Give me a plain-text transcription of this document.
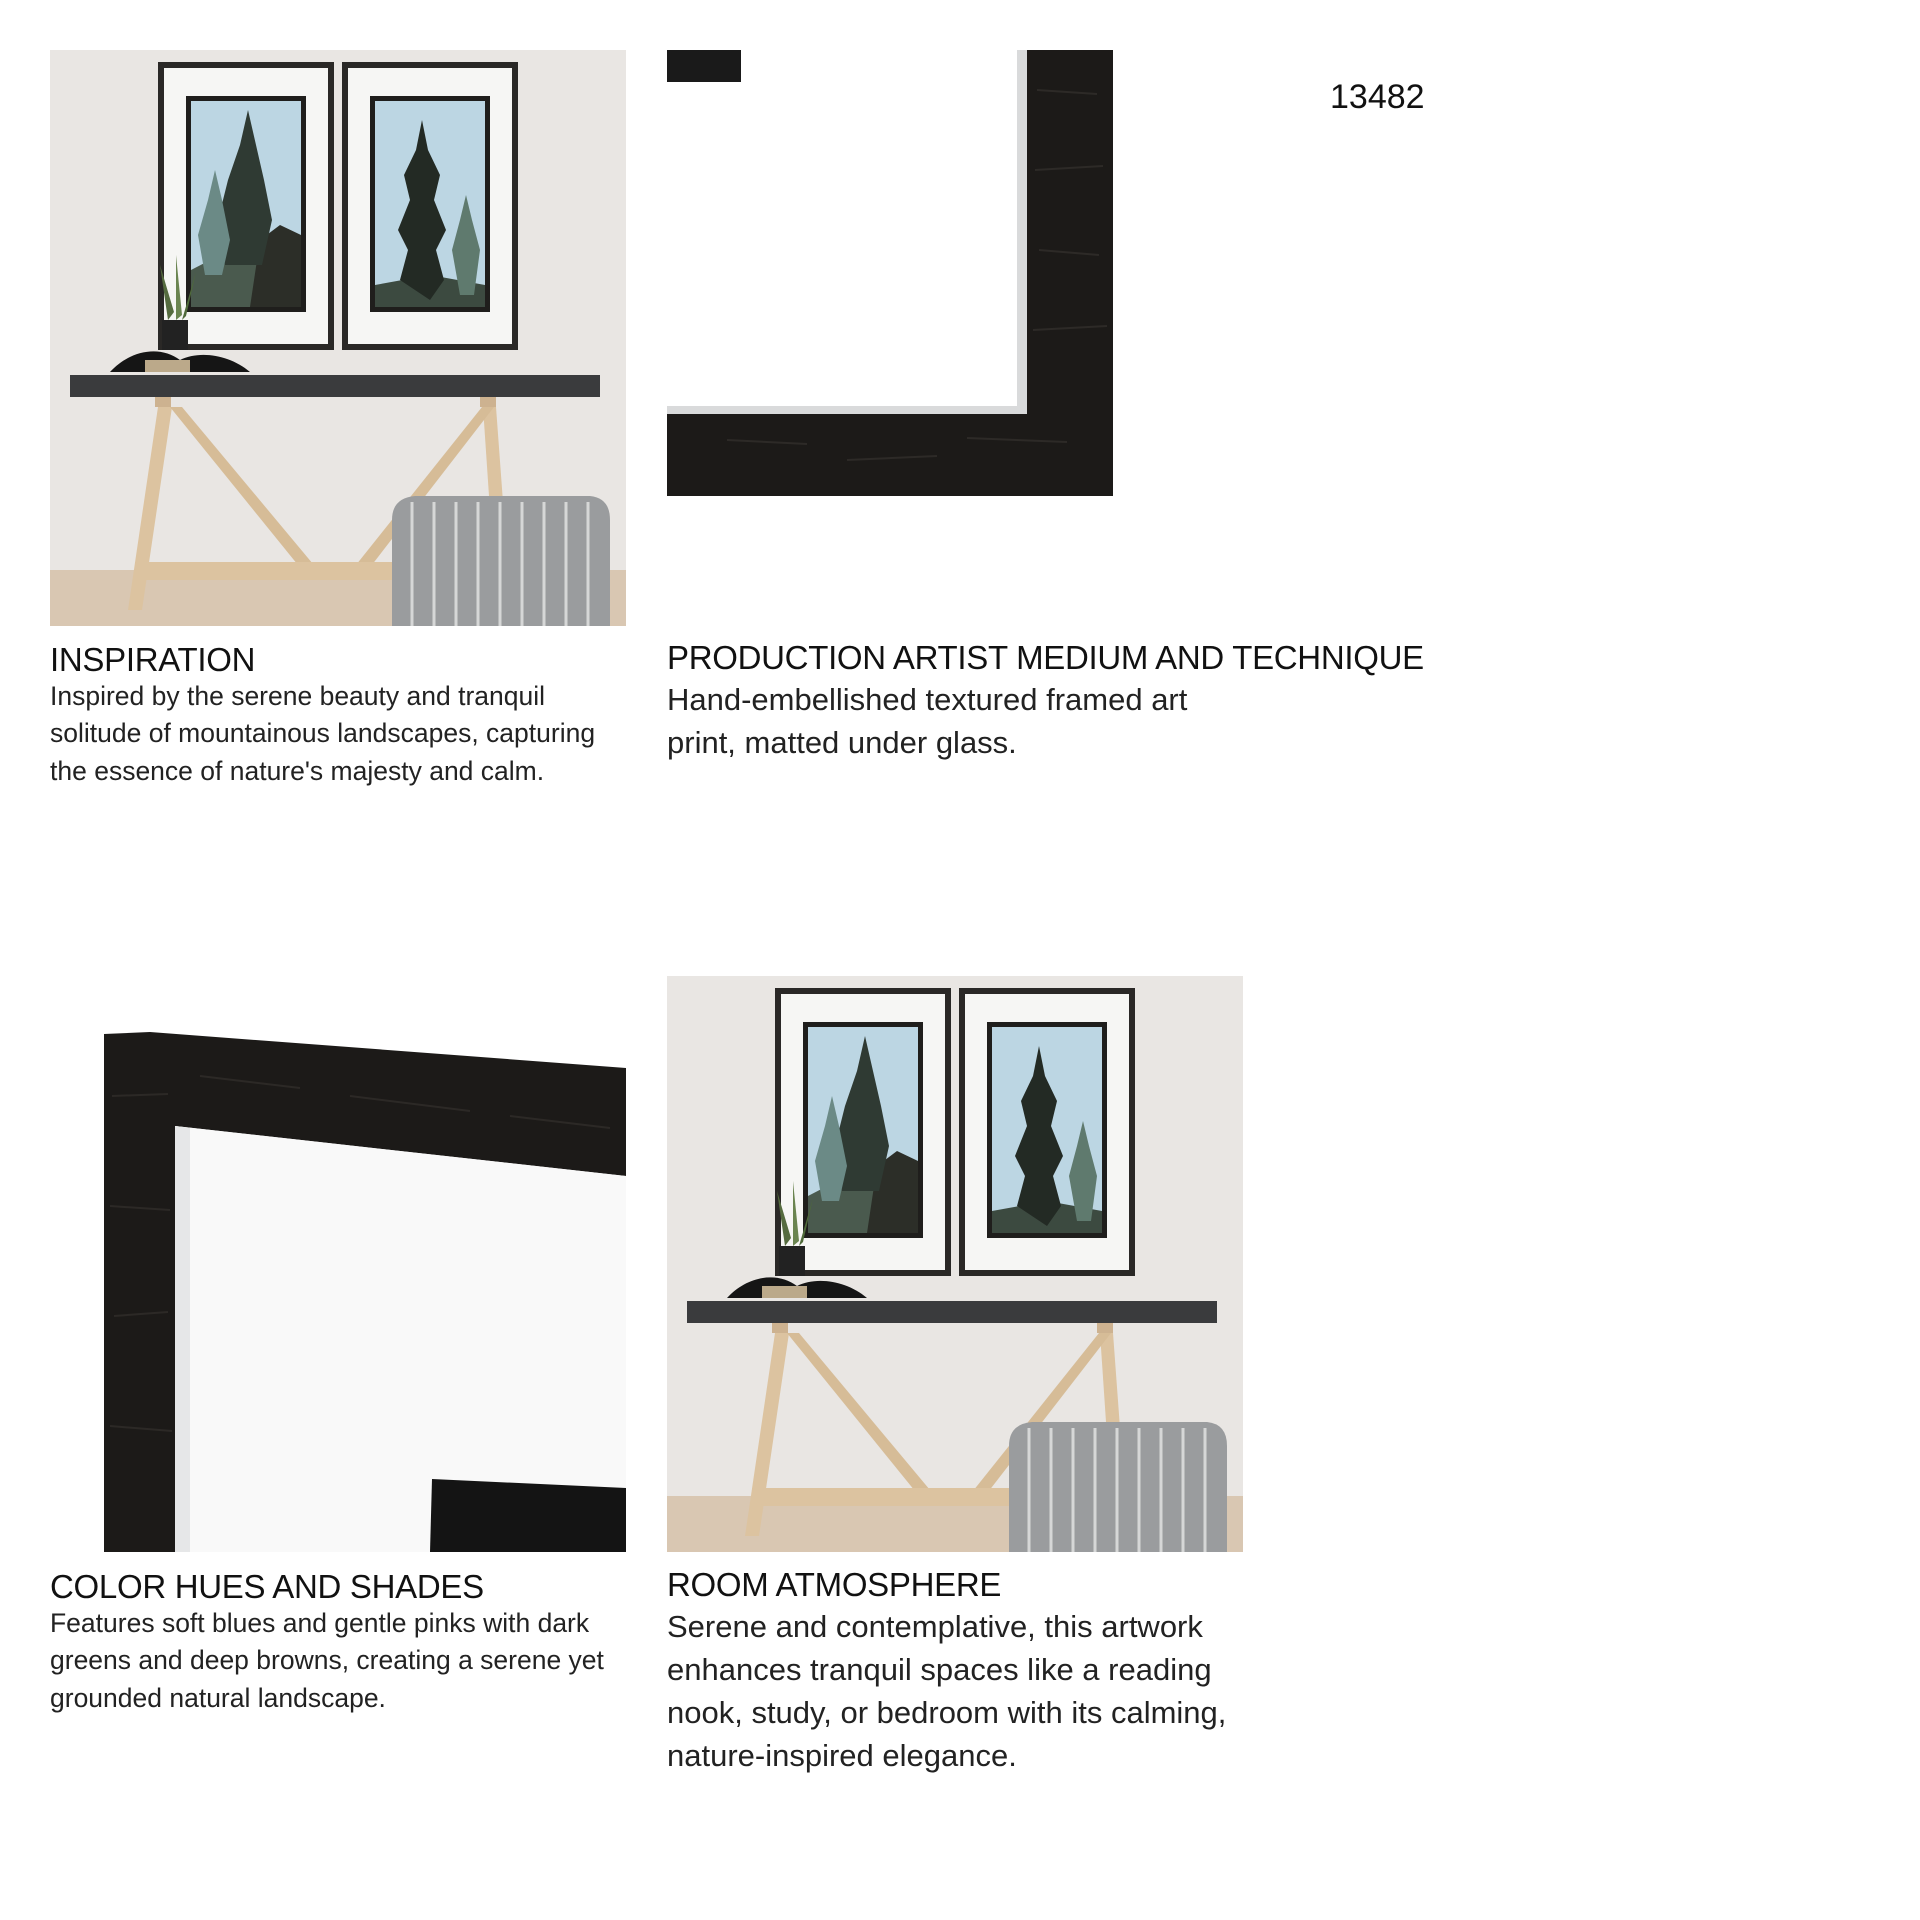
13482
INSPIRATION
Inspired by the serene beauty and tranquil solitude of mountainous landscapes, capturing the essence of nature's majesty and calm.
PRODUCTION ARTIST MEDIUM AND TECHNIQUE
Hand-embellished textured framed art print, matted under glass.
COLOR HUES AND SHADES
Features soft blues and gentle pinks with dark greens and deep browns, creating a serene yet grounded natural landscape.
ROOM ATMOSPHERE
Serene and contemplative, this artwork enhances tranquil spaces like a reading nook, study, or bedroom with its calming, nature-inspired elegance.
